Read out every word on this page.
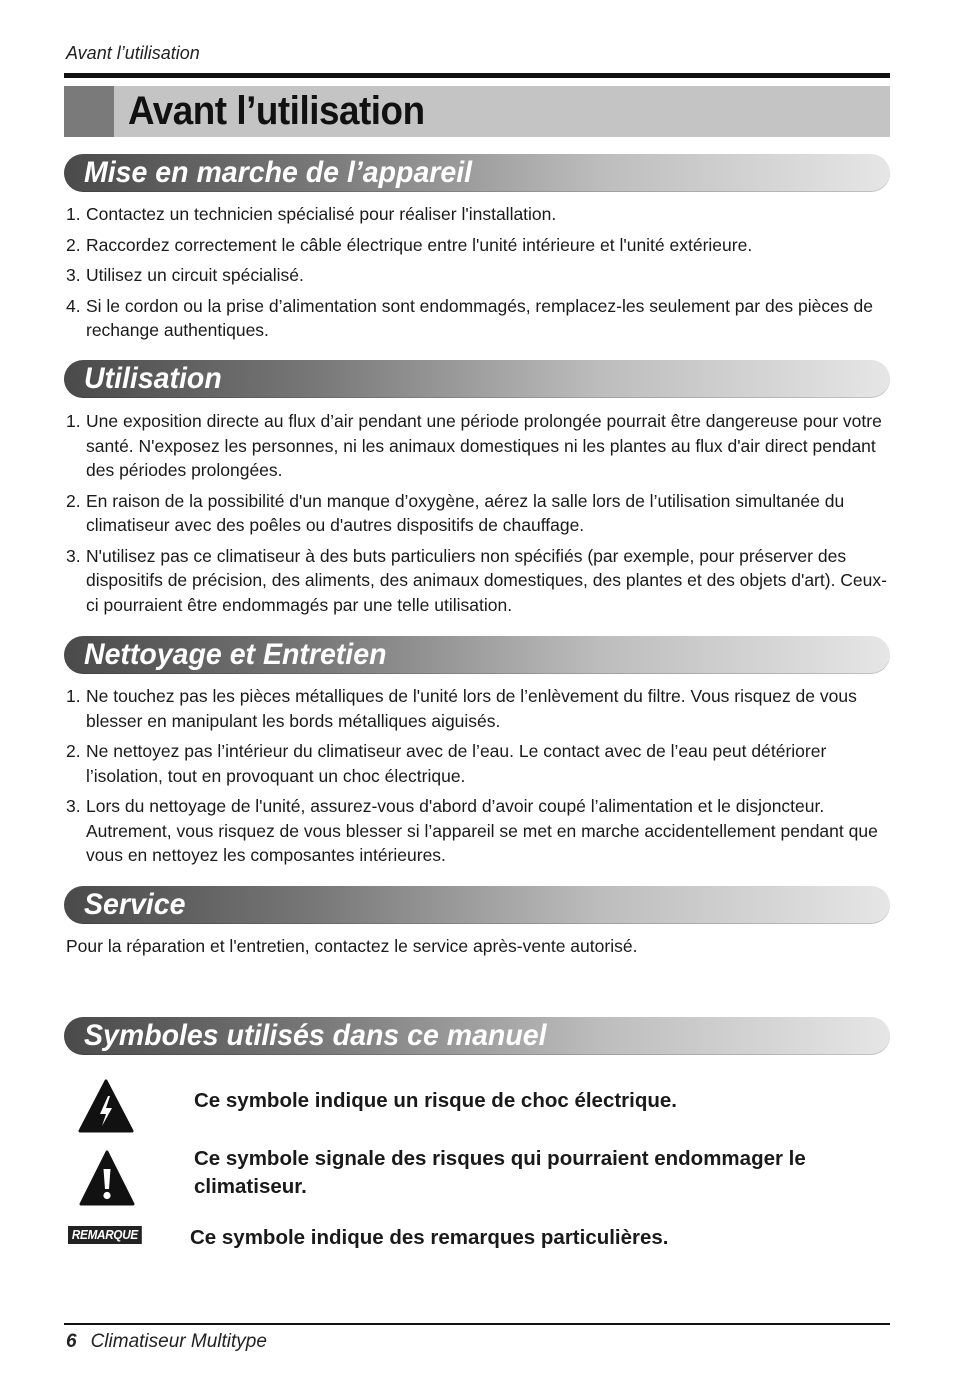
Avant l’utilisation
Avant l’utilisation
Mise en marche de l’appareil
1. Contactez un technicien spécialisé pour réaliser l'installation.
2. Raccordez correctement le câble électrique entre l'unité intérieure et l'unité extérieure.
3. Utilisez un circuit spécialisé.
4. Si le cordon ou la prise d’alimentation sont endommagés, remplacez-les seulement par des pièces de rechange authentiques.
Utilisation
1. Une exposition directe au flux d’air pendant une période prolongée pourrait être dangereuse pour votre santé. N'exposez les personnes, ni les animaux domestiques ni les plantes au flux d'air direct pendant des périodes prolongées.
2. En raison de la possibilité d'un manque d’oxygène, aérez la salle lors de l’utilisation simultanée du climatiseur avec des poêles ou d'autres dispositifs de chauffage.
3. N'utilisez pas ce climatiseur à des buts particuliers non spécifiés (par exemple, pour préserver des dispositifs de précision, des aliments, des animaux domestiques, des plantes et des objets d'art). Ceux-ci pourraient être endommagés par une telle utilisation.
Nettoyage et Entretien
1. Ne touchez pas les pièces métalliques de l'unité lors de l’enlèvement du filtre. Vous risquez de vous blesser en manipulant les bords métalliques aiguisés.
2. Ne nettoyez pas l’intérieur du climatiseur avec de l’eau. Le contact avec de l’eau peut détériorer l’isolation, tout en provoquant un choc électrique.
3. Lors du nettoyage de l'unité, assurez-vous d'abord d’avoir coupé l’alimentation et le disjoncteur. Autrement, vous risquez de vous blesser si l’appareil se met en marche accidentellement pendant que vous en nettoyez les composantes intérieures.
Service

Pour la réparation et l'entretien, contactez le service après-vente autorisé.

Symboles utilisés dans ce manuel
Ce symbole indique un risque de choc électrique.
Ce symbole signale des risques qui pourraient endommager le climatiseur.
REMARQUE	Ce symbole indique des remarques particulières.
6 Climatiseur Multitype
